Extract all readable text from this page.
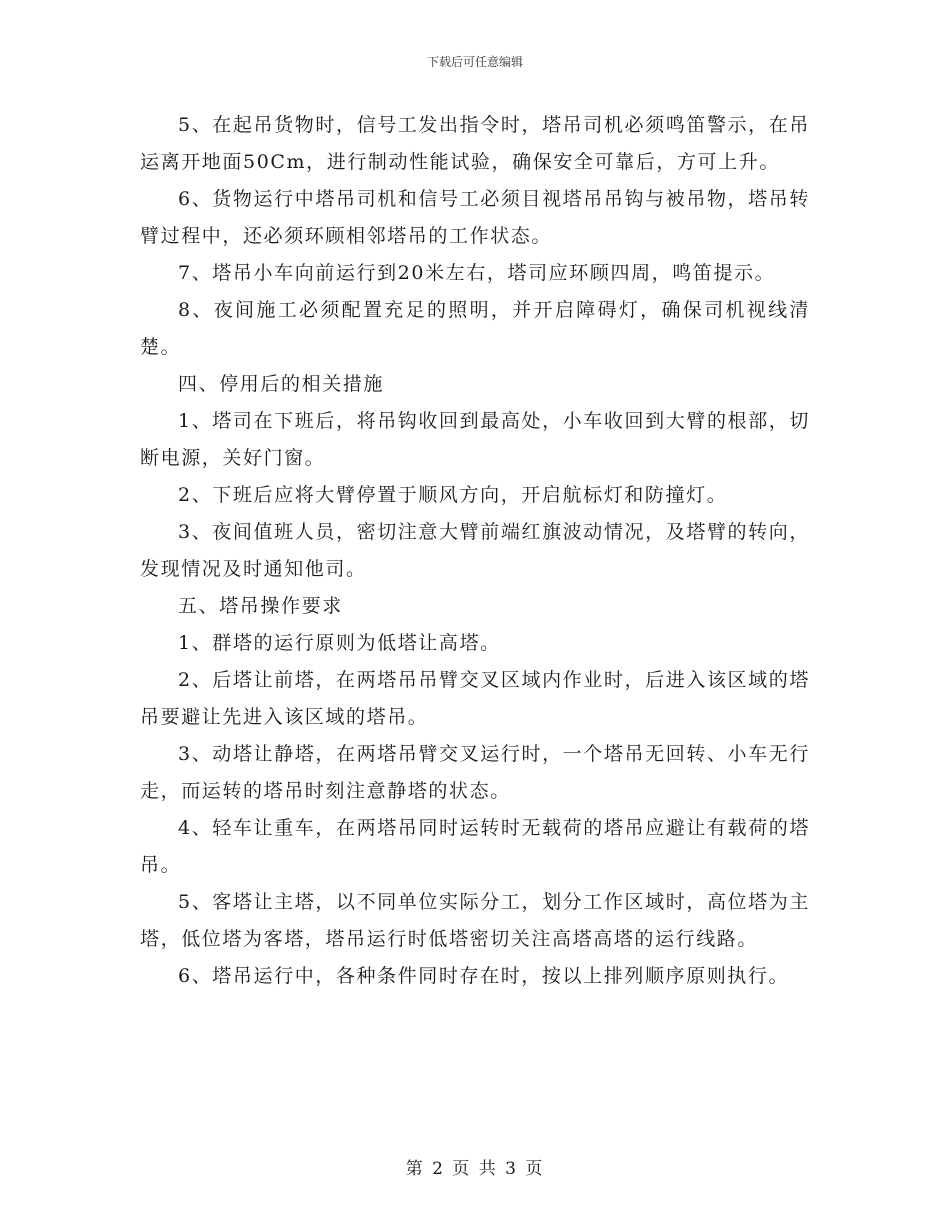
下载后可任意编辑

5、在起吊货物时，信号工发出指令时，塔吊司机必须鸣笛警示，在吊运离开地面50Cm，进行制动性能试验，确保安全可靠后，方可上升。

6、货物运行中塔吊司机和信号工必须目视塔吊吊钩与被吊物，塔吊转臂过程中，还必须环顾相邻塔吊的工作状态。

7、塔吊小车向前运行到20米左右，塔司应环顾四周，鸣笛提示。

8、夜间施工必须配置充足的照明，并开启障碍灯，确保司机视线清楚。

四、停用后的相关措施

1、塔司在下班后，将吊钩收回到最高处，小车收回到大臂的根部，切断电源，关好门窗。

2、下班后应将大臂停置于顺风方向，开启航标灯和防撞灯。

3、夜间值班人员，密切注意大臂前端红旗波动情况，及塔臂的转向，发现情况及时通知他司。

五、塔吊操作要求

1、群塔的运行原则为低塔让高塔。

2、后塔让前塔，在两塔吊吊臂交叉区域内作业时，后进入该区域的塔吊要避让先进入该区域的塔吊。

3、动塔让静塔，在两塔吊臂交叉运行时，一个塔吊无回转、小车无行走，而运转的塔吊时刻注意静塔的状态。

4、轻车让重车，在两塔吊同时运转时无载荷的塔吊应避让有载荷的塔吊。

5、客塔让主塔，以不同单位实际分工，划分工作区域时，高位塔为主塔，低位塔为客塔，塔吊运行时低塔密切关注高塔高塔的运行线路。

6、塔吊运行中，各种条件同时存在时，按以上排列顺序原则执行。

第 2 页 共 3 页
